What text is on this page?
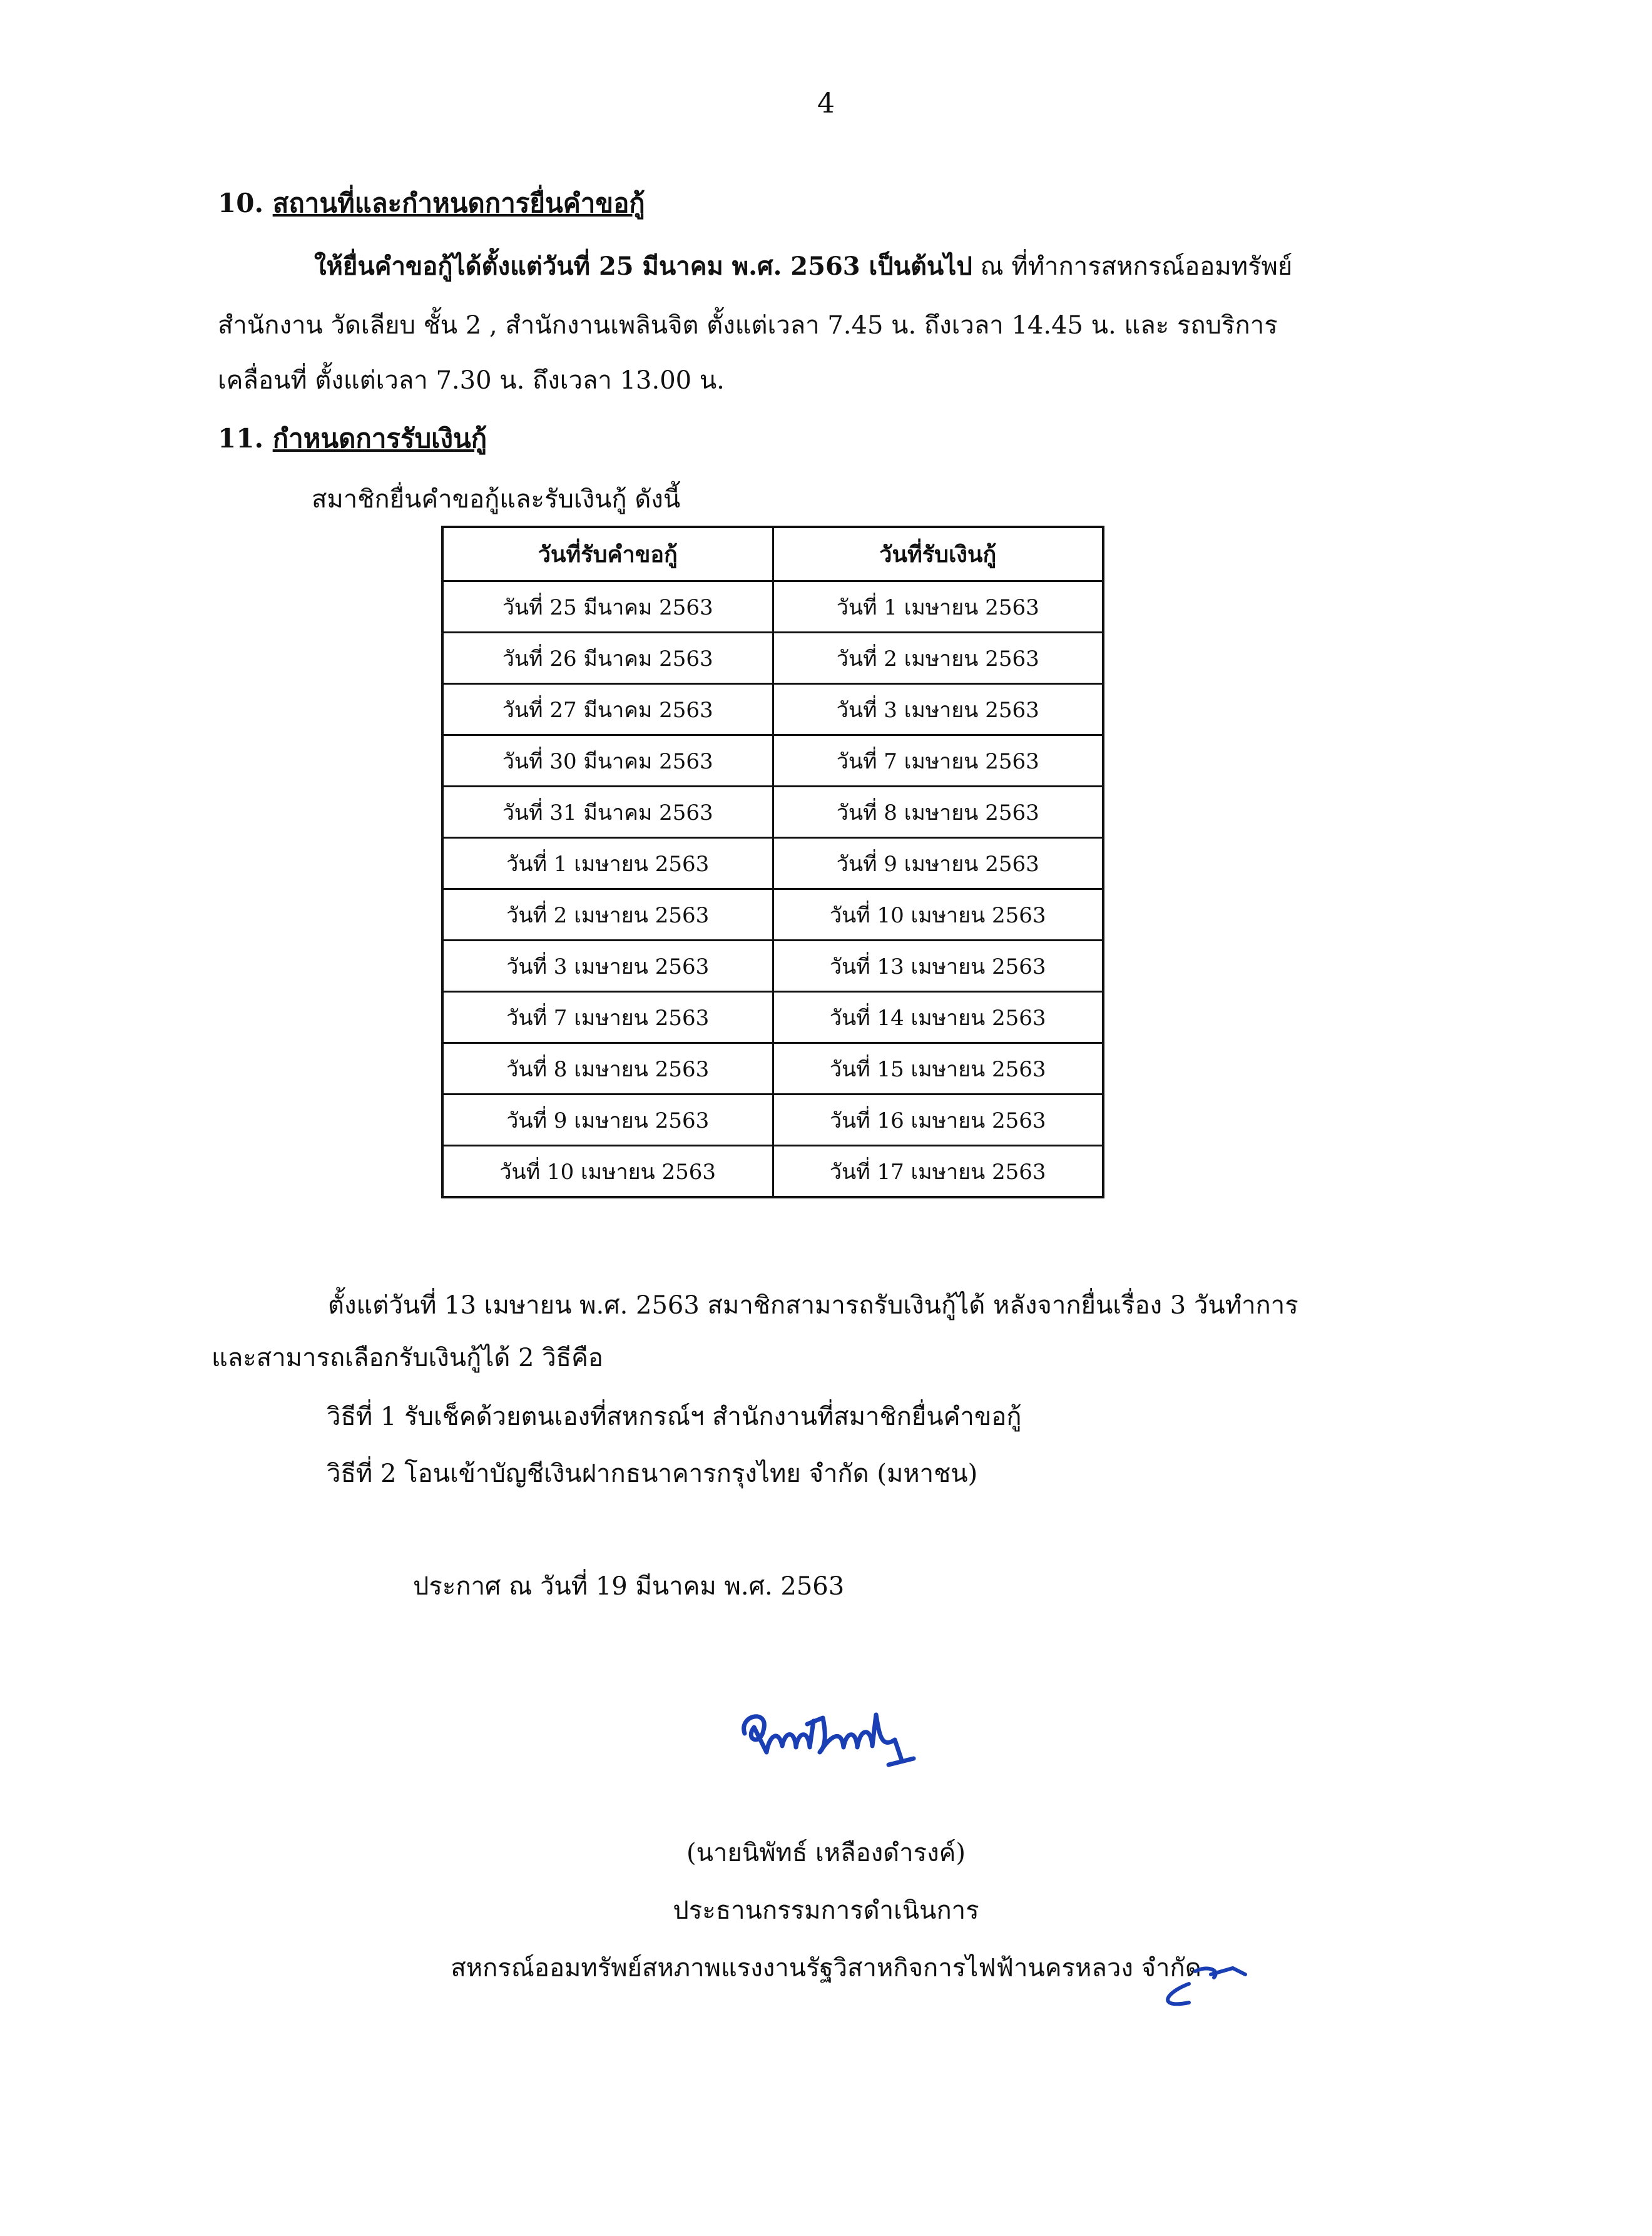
4
10. สถานที่และกำหนดการยื่นคำขอกู้
ให้ยื่นคำขอกู้ได้ตั้งแต่วันที่ 25 มีนาคม พ.ศ. 2563 เป็นต้นไป ณ ที่ทำการสหกรณ์ออมทรัพย์
สำนักงาน วัดเลียบ ชั้น 2 , สำนักงานเพลินจิต ตั้งแต่เวลา 7.45 น. ถึงเวลา 14.45 น. และ รถบริการ
เคลื่อนที่ ตั้งแต่เวลา 7.30 น. ถึงเวลา 13.00 น.
11. กำหนดการรับเงินกู้
สมาชิกยื่นคำขอกู้และรับเงินกู้ ดังนี้
วันที่รับคำขอกู้	วันที่รับเงินกู้
วันที่ 25 มีนาคม 2563	วันที่ 1 เมษายน 2563
วันที่ 26 มีนาคม 2563	วันที่ 2 เมษายน 2563
วันที่ 27 มีนาคม 2563	วันที่ 3 เมษายน 2563
วันที่ 30 มีนาคม 2563	วันที่ 7 เมษายน 2563
วันที่ 31 มีนาคม 2563	วันที่ 8 เมษายน 2563
วันที่ 1 เมษายน 2563	วันที่ 9 เมษายน 2563
วันที่ 2 เมษายน 2563	วันที่ 10 เมษายน 2563
วันที่ 3 เมษายน 2563	วันที่ 13 เมษายน 2563
วันที่ 7 เมษายน 2563	วันที่ 14 เมษายน 2563
วันที่ 8 เมษายน 2563	วันที่ 15 เมษายน 2563
วันที่ 9 เมษายน 2563	วันที่ 16 เมษายน 2563
วันที่ 10 เมษายน 2563	วันที่ 17 เมษายน 2563
ตั้งแต่วันที่ 13 เมษายน พ.ศ. 2563 สมาชิกสามารถรับเงินกู้ได้ หลังจากยื่นเรื่อง 3 วันทำการ
และสามารถเลือกรับเงินกู้ได้ 2 วิธีคือ
วิธีที่ 1 รับเช็คด้วยตนเองที่สหกรณ์ฯ สำนักงานที่สมาชิกยื่นคำขอกู้
วิธีที่ 2 โอนเข้าบัญชีเงินฝากธนาคารกรุงไทย จำกัด (มหาชน)
ประกาศ ณ วันที่ 19 มีนาคม พ.ศ. 2563
(นายนิพัทธ์ เหลืองดำรงค์)
ประธานกรรมการดำเนินการ
สหกรณ์ออมทรัพย์สหภาพแรงงานรัฐวิสาหกิจการไฟฟ้านครหลวง จำกัด
